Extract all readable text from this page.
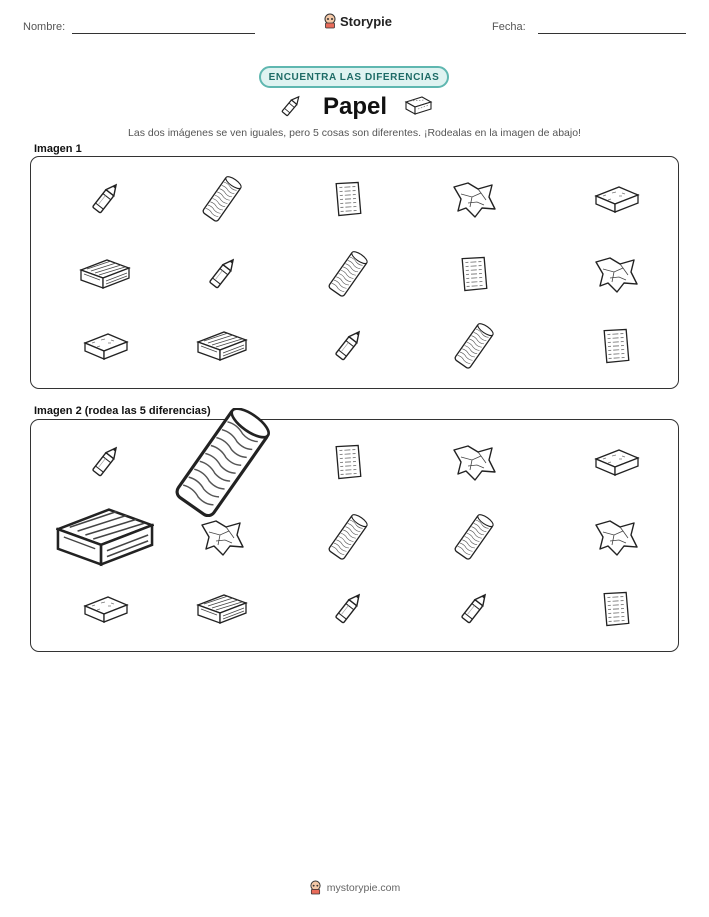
Nombre:	Storypie	Fecha:
ENCUENTRA LAS DIFERENCIAS
Papel
Las dos imágenes se ven iguales, pero 5 cosas son diferentes. ¡Rodealas en la imagen de abajo!
Imagen 1
Imagen 2 (rodea las 5 diferencias)
mystorypie.com
